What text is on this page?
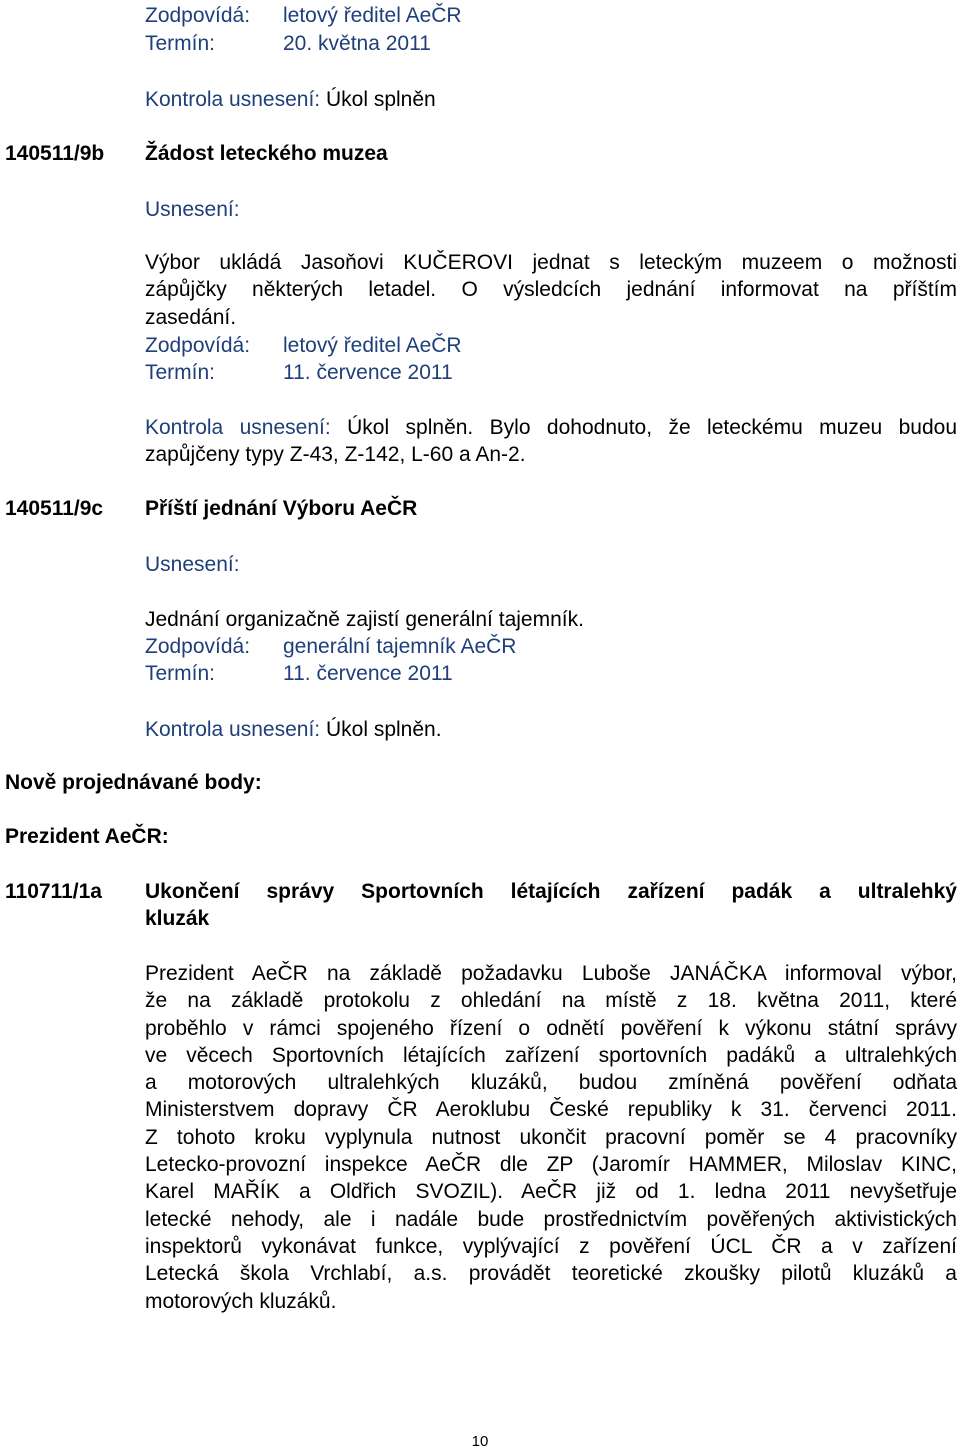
Zodpovídá: letový ředitel AeČR
Termín:	20. května 2011
Kontrola usnesení: Úkol splněn
140511/9b Žádost leteckého muzea
Usnesení:
Výbor ukládá Jasoňovi KUČEROVI jednat s leteckým muzeem o možnosti
zápůjčky některých letadel. O výsledcích jednání informovat na příštím
zasedání.
Zodpovídá: letový ředitel AeČR
Termín:	11. července 2011
Kontrola usnesení: Úkol splněn. Bylo dohodnuto, že leteckému muzeu budou
zapůjčeny typy Z-43, Z-142, L-60 a An-2.
140511/9c Příští jednání Výboru AeČR
Usnesení:
Jednání organizačně zajistí generální tajemník.
Zodpovídá: generální tajemník AeČR
Termín:	11. července 2011
Kontrola usnesení: Úkol splněn.
Nově projednávané body:
Prezident AeČR:
110711/1a Ukončení správy Sportovních létajících zařízení padák a ultralehký
kluzák
Prezident AeČR na základě požadavku Luboše JANÁČKA informoval výbor,
že na základě protokolu z ohledání na místě z 18. května 2011, které
proběhlo v rámci spojeného řízení o odnětí pověření k výkonu státní správy
ve věcech Sportovních létajících zařízení sportovních padáků a ultralehkých
a motorových ultralehkých kluzáků, budou zmíněná pověření odňata
Ministerstvem dopravy ČR Aeroklubu České republiky k 31. červenci 2011.
Z tohoto kroku vyplynula nutnost ukončit pracovní poměr se 4 pracovníky
Letecko-provozní inspekce AeČR dle ZP (Jaromír HAMMER, Miloslav KINC,
Karel MAŘÍK a Oldřich SVOZIL). AeČR již od 1. ledna 2011 nevyšetřuje
letecké nehody, ale i nadále bude prostřednictvím pověřených aktivistických
inspektorů vykonávat funkce, vyplývající z pověření ÚCL ČR a v zařízení
Letecká škola Vrchlabí, a.s. provádět teoretické zkoušky pilotů kluzáků a
motorových kluzáků.
10
